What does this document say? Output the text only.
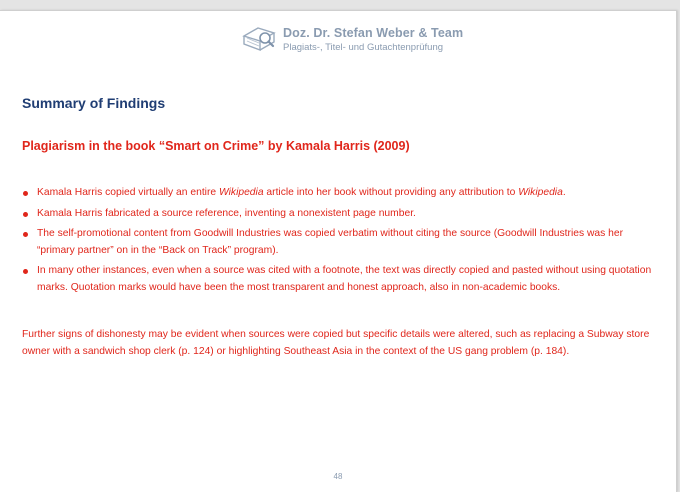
Doz. Dr. Stefan Weber & Team
Plagiats-, Titel- und Gutachtenprüfung
Summary of Findings
Plagiarism in the book “Smart on Crime” by Kamala Harris (2009)
Kamala Harris copied virtually an entire Wikipedia article into her book without providing any attribution to Wikipedia.
Kamala Harris fabricated a source reference, inventing a nonexistent page number.
The self-promotional content from Goodwill Industries was copied verbatim without citing the source (Goodwill Industries was her “primary partner” on in the “Back on Track” program).
In many other instances, even when a source was cited with a footnote, the text was directly copied and pasted without using quotation marks. Quotation marks would have been the most transparent and honest approach, also in non-academic books.

Further signs of dishonesty may be evident when sources were copied but specific details were altered, such as replacing a Subway store owner with a sandwich shop clerk (p. 124) or highlighting Southeast Asia in the context of the US gang problem (p. 184).

48
